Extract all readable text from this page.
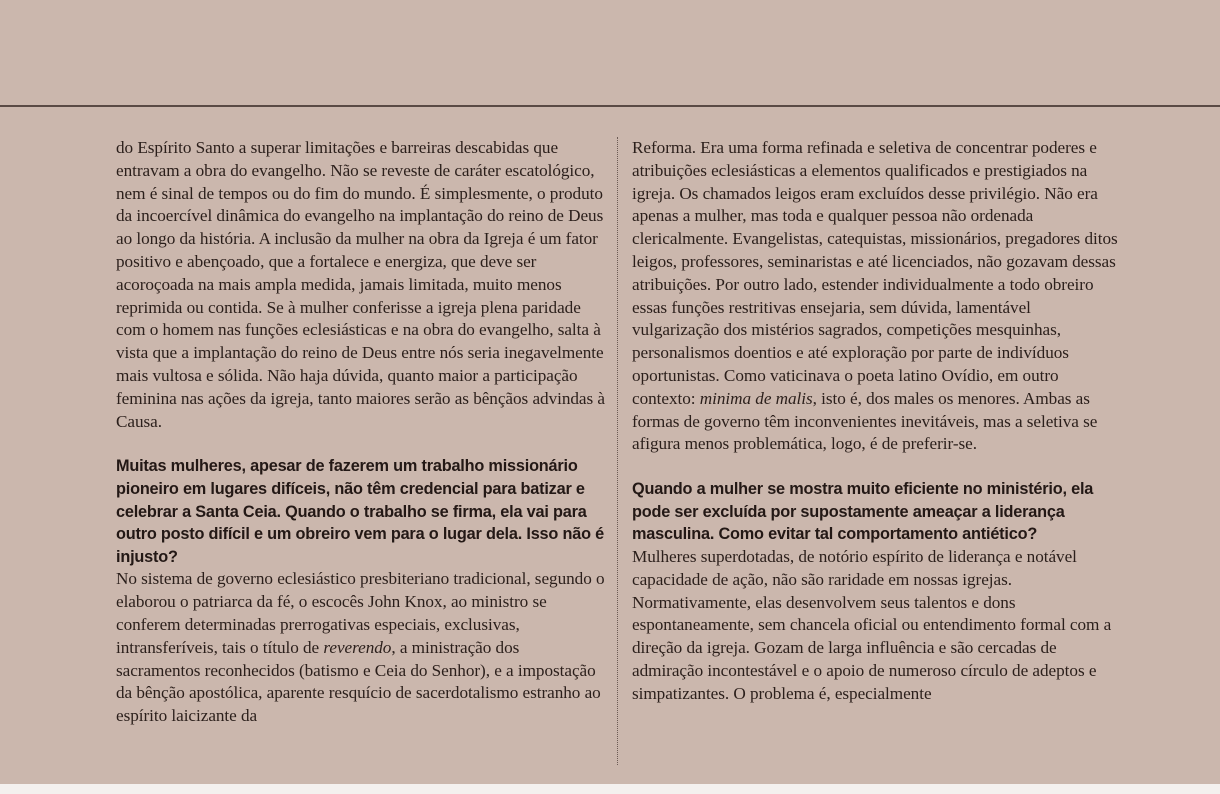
do Espírito Santo a superar limitações e barreiras descabidas que entravam a obra do evangelho. Não se reveste de caráter escatológico, nem é sinal de tempos ou do fim do mundo. É simplesmente, o produto da incoercível dinâmica do evangelho na implantação do reino de Deus ao longo da história. A inclusão da mulher na obra da Igreja é um fator positivo e abençoado, que a fortalece e energiza, que deve ser acoroçoada na mais ampla medida, jamais limitada, muito menos reprimida ou contida. Se à mulher conferisse a igreja plena paridade com o homem nas funções eclesiásticas e na obra do evangelho, salta à vista que a implantação do reino de Deus entre nós seria inegavelmente mais vultosa e sólida. Não haja dúvida, quanto maior a participação feminina nas ações da igreja, tanto maiores serão as bênçãos advindas à Causa.

Muitas mulheres, apesar de fazerem um trabalho missionário pioneiro em lugares difíceis, não têm credencial para batizar e celebrar a Santa Ceia. Quando o trabalho se firma, ela vai para outro posto difícil e um obreiro vem para o lugar dela. Isso não é injusto?

No sistema de governo eclesiástico presbiteriano tradicional, segundo o elaborou o patriarca da fé, o escocês John Knox, ao ministro se conferem determinadas prerrogativas especiais, exclusivas, intransferíveis, tais o título de reverendo, a ministração dos sacramentos reconhecidos (batismo e Ceia do Senhor), e a impostação da bênção apostólica, aparente resquício de sacerdotalismo estranho ao espírito laicizante da

Reforma. Era uma forma refinada e seletiva de concentrar poderes e atribuições eclesiásticas a elementos qualificados e prestigiados na igreja. Os chamados leigos eram excluídos desse privilégio. Não era apenas a mulher, mas toda e qualquer pessoa não ordenada clericalmente. Evangelistas, catequistas, missionários, pregadores ditos leigos, professores, seminaristas e até licenciados, não gozavam dessas atribuições. Por outro lado, estender individualmente a todo obreiro essas funções restritivas ensejaria, sem dúvida, lamentável vulgarização dos mistérios sagrados, competições mesquinhas, personalismos doentios e até exploração por parte de indivíduos oportunistas. Como vaticinava o poeta latino Ovídio, em outro contexto: minima de malis, isto é, dos males os menores. Ambas as formas de governo têm inconvenientes inevitáveis, mas a seletiva se afigura menos problemática, logo, é de preferir-se.

Quando a mulher se mostra muito eficiente no ministério, ela pode ser excluída por supostamente ameaçar a liderança masculina. Como evitar tal comportamento antiético?

Mulheres superdotadas, de notório espírito de liderança e notável capacidade de ação, não são raridade em nossas igrejas. Normativamente, elas desenvolvem seus talentos e dons espontaneamente, sem chancela oficial ou entendimento formal com a direção da igreja. Gozam de larga influência e são cercadas de admiração incontestável e o apoio de numeroso círculo de adeptos e simpatizantes. O problema é, especialmente
